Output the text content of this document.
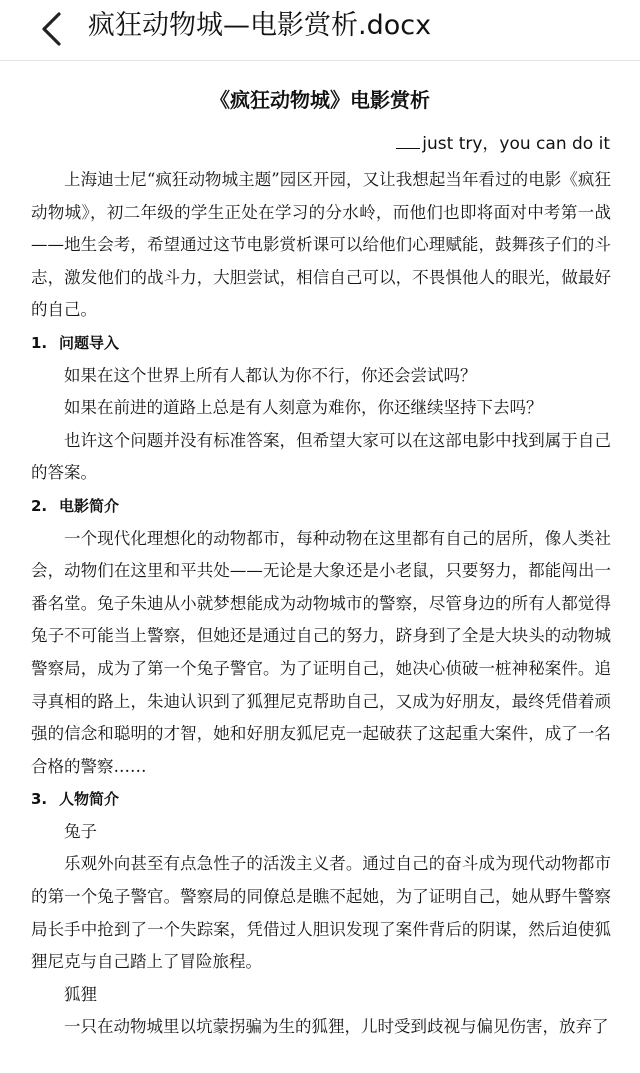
疯狂动物城—电影赏析.docx
《疯狂动物城》电影赏析
just try，you can do it

上海迪士尼“疯狂动物城主题”园区开园，又让我想起当年看过的电影《疯狂动物城》，初二年级的学生正处在学习的分水岭，而他们也即将面对中考第一战——地生会考，希望通过这节电影赏析课可以给他们心理赋能，鼓舞孩子们的斗志，激发他们的战斗力，大胆尝试，相信自己可以，不畏惧他人的眼光，做最好的自己。

1. 问题导入

如果在这个世界上所有人都认为你不行，你还会尝试吗？

如果在前进的道路上总是有人刻意为难你，你还继续坚持下去吗？

也许这个问题并没有标准答案，但希望大家可以在这部电影中找到属于自己的答案。

2. 电影简介

一个现代化理想化的动物都市，每种动物在这里都有自己的居所，像人类社会，动物们在这里和平共处——无论是大象还是小老鼠，只要努力，都能闯出一番名堂。兔子朱迪从小就梦想能成为动物城市的警察，尽管身边的所有人都觉得兔子不可能当上警察，但她还是通过自己的努力，跻身到了全是大块头的动物城警察局，成为了第一个兔子警官。为了证明自己，她决心侦破一桩神秘案件。追寻真相的路上，朱迪认识到了狐狸尼克帮助自己，又成为好朋友，最终凭借着顽强的信念和聪明的才智，她和好朋友狐尼克一起破获了这起重大案件，成了一名合格的警察……

3. 人物简介

兔子

乐观外向甚至有点急性子的活泼主义者。通过自己的奋斗成为现代动物都市的第一个兔子警官。警察局的同僚总是瞧不起她，为了证明自己，她从野牛警察局长手中抢到了一个失踪案，凭借过人胆识发现了案件背后的阴谋，然后迫使狐狸尼克与自己踏上了冒险旅程。

狐狸

一只在动物城里以坑蒙拐骗为生的狐狸，儿时受到歧视与偏见伤害，放弃了
